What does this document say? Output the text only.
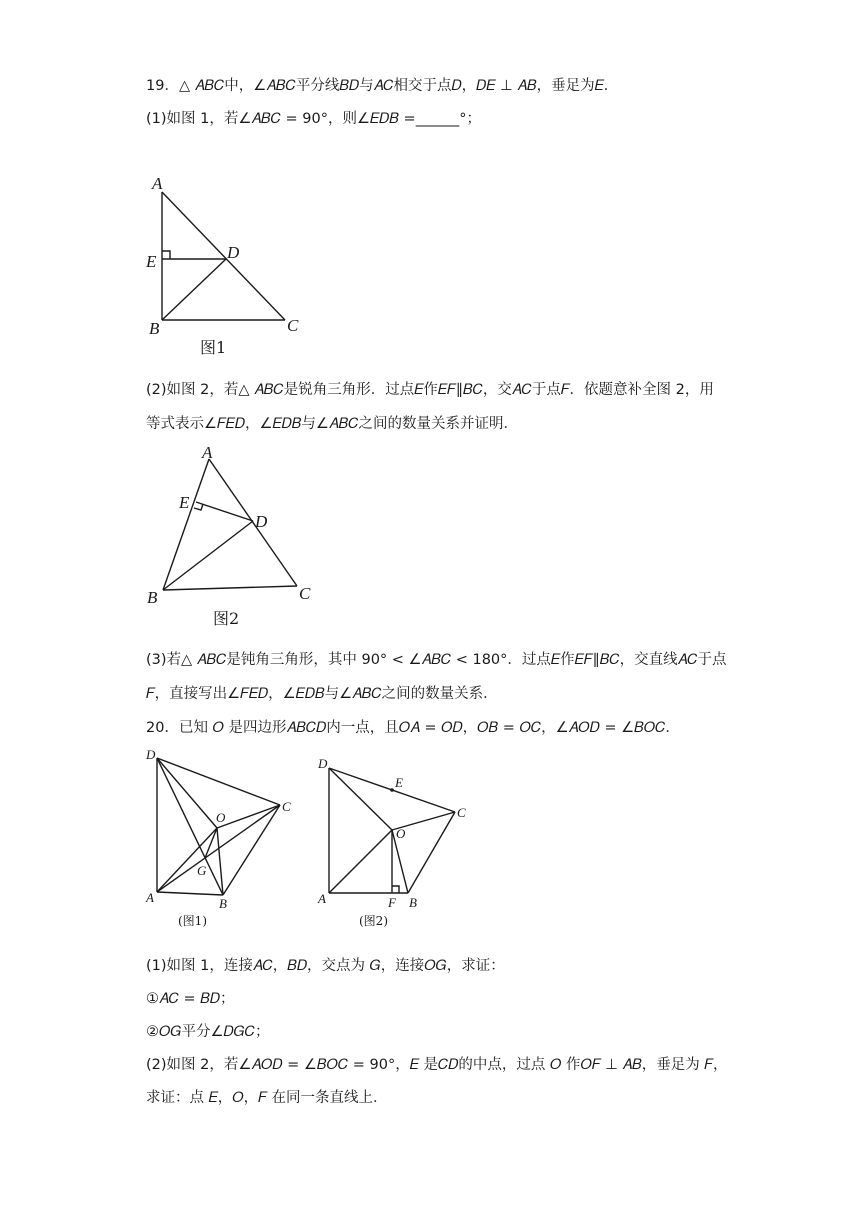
19．△ 𝐴𝐵𝐶中，∠𝐴𝐵𝐶平分线𝐵𝐷与𝐴𝐶相交于点𝐷，𝐷𝐸 ⊥ 𝐴𝐵，垂足为𝐸．
(1)如图 1，若∠𝐴𝐵𝐶 = 90°，则∠𝐸𝐷𝐵 =______°；
A
E	D
B	C
图1
(2)如图 2，若△ 𝐴𝐵𝐶是锐角三角形．过点𝐸作𝐸𝐹∥𝐵𝐶，交𝐴𝐶于点𝐹．依题意补全图 2，用
等式表示∠𝐹𝐸𝐷，∠𝐸𝐷𝐵与∠𝐴𝐵𝐶之间的数量关系并证明．
A
E
D
B	C
图2
(3)若△ 𝐴𝐵𝐶是钝角三角形，其中 90° < ∠𝐴𝐵𝐶 < 180°．过点𝐸作𝐸𝐹∥𝐵𝐶，交直线𝐴𝐶于点
𝐹，直接写出∠𝐹𝐸𝐷，∠𝐸𝐷𝐵与∠𝐴𝐵𝐶之间的数量关系．
20．已知 𝑂 是四边形𝐴𝐵𝐶𝐷内一点，且𝑂𝐴 = 𝑂𝐷，𝑂𝐵 = 𝑂𝐶，∠𝐴𝑂𝐷 = ∠𝐵𝑂𝐶．
D
C
O
G
A	B
(图1)
D
E
C
O
A	F B
(图2)
(1)如图 1，连接𝐴𝐶，𝐵𝐷，交点为 𝐺，连接𝑂𝐺，求证：
①𝐴𝐶 = 𝐵𝐷；
②𝑂𝐺平分∠𝐷𝐺𝐶；
(2)如图 2，若∠𝐴𝑂𝐷 = ∠𝐵𝑂𝐶 = 90°，𝐸 是𝐶𝐷的中点，过点 𝑂 作𝑂𝐹 ⊥ 𝐴𝐵，垂足为 𝐹，
求证：点 𝐸，𝑂，𝐹 在同一条直线上．
